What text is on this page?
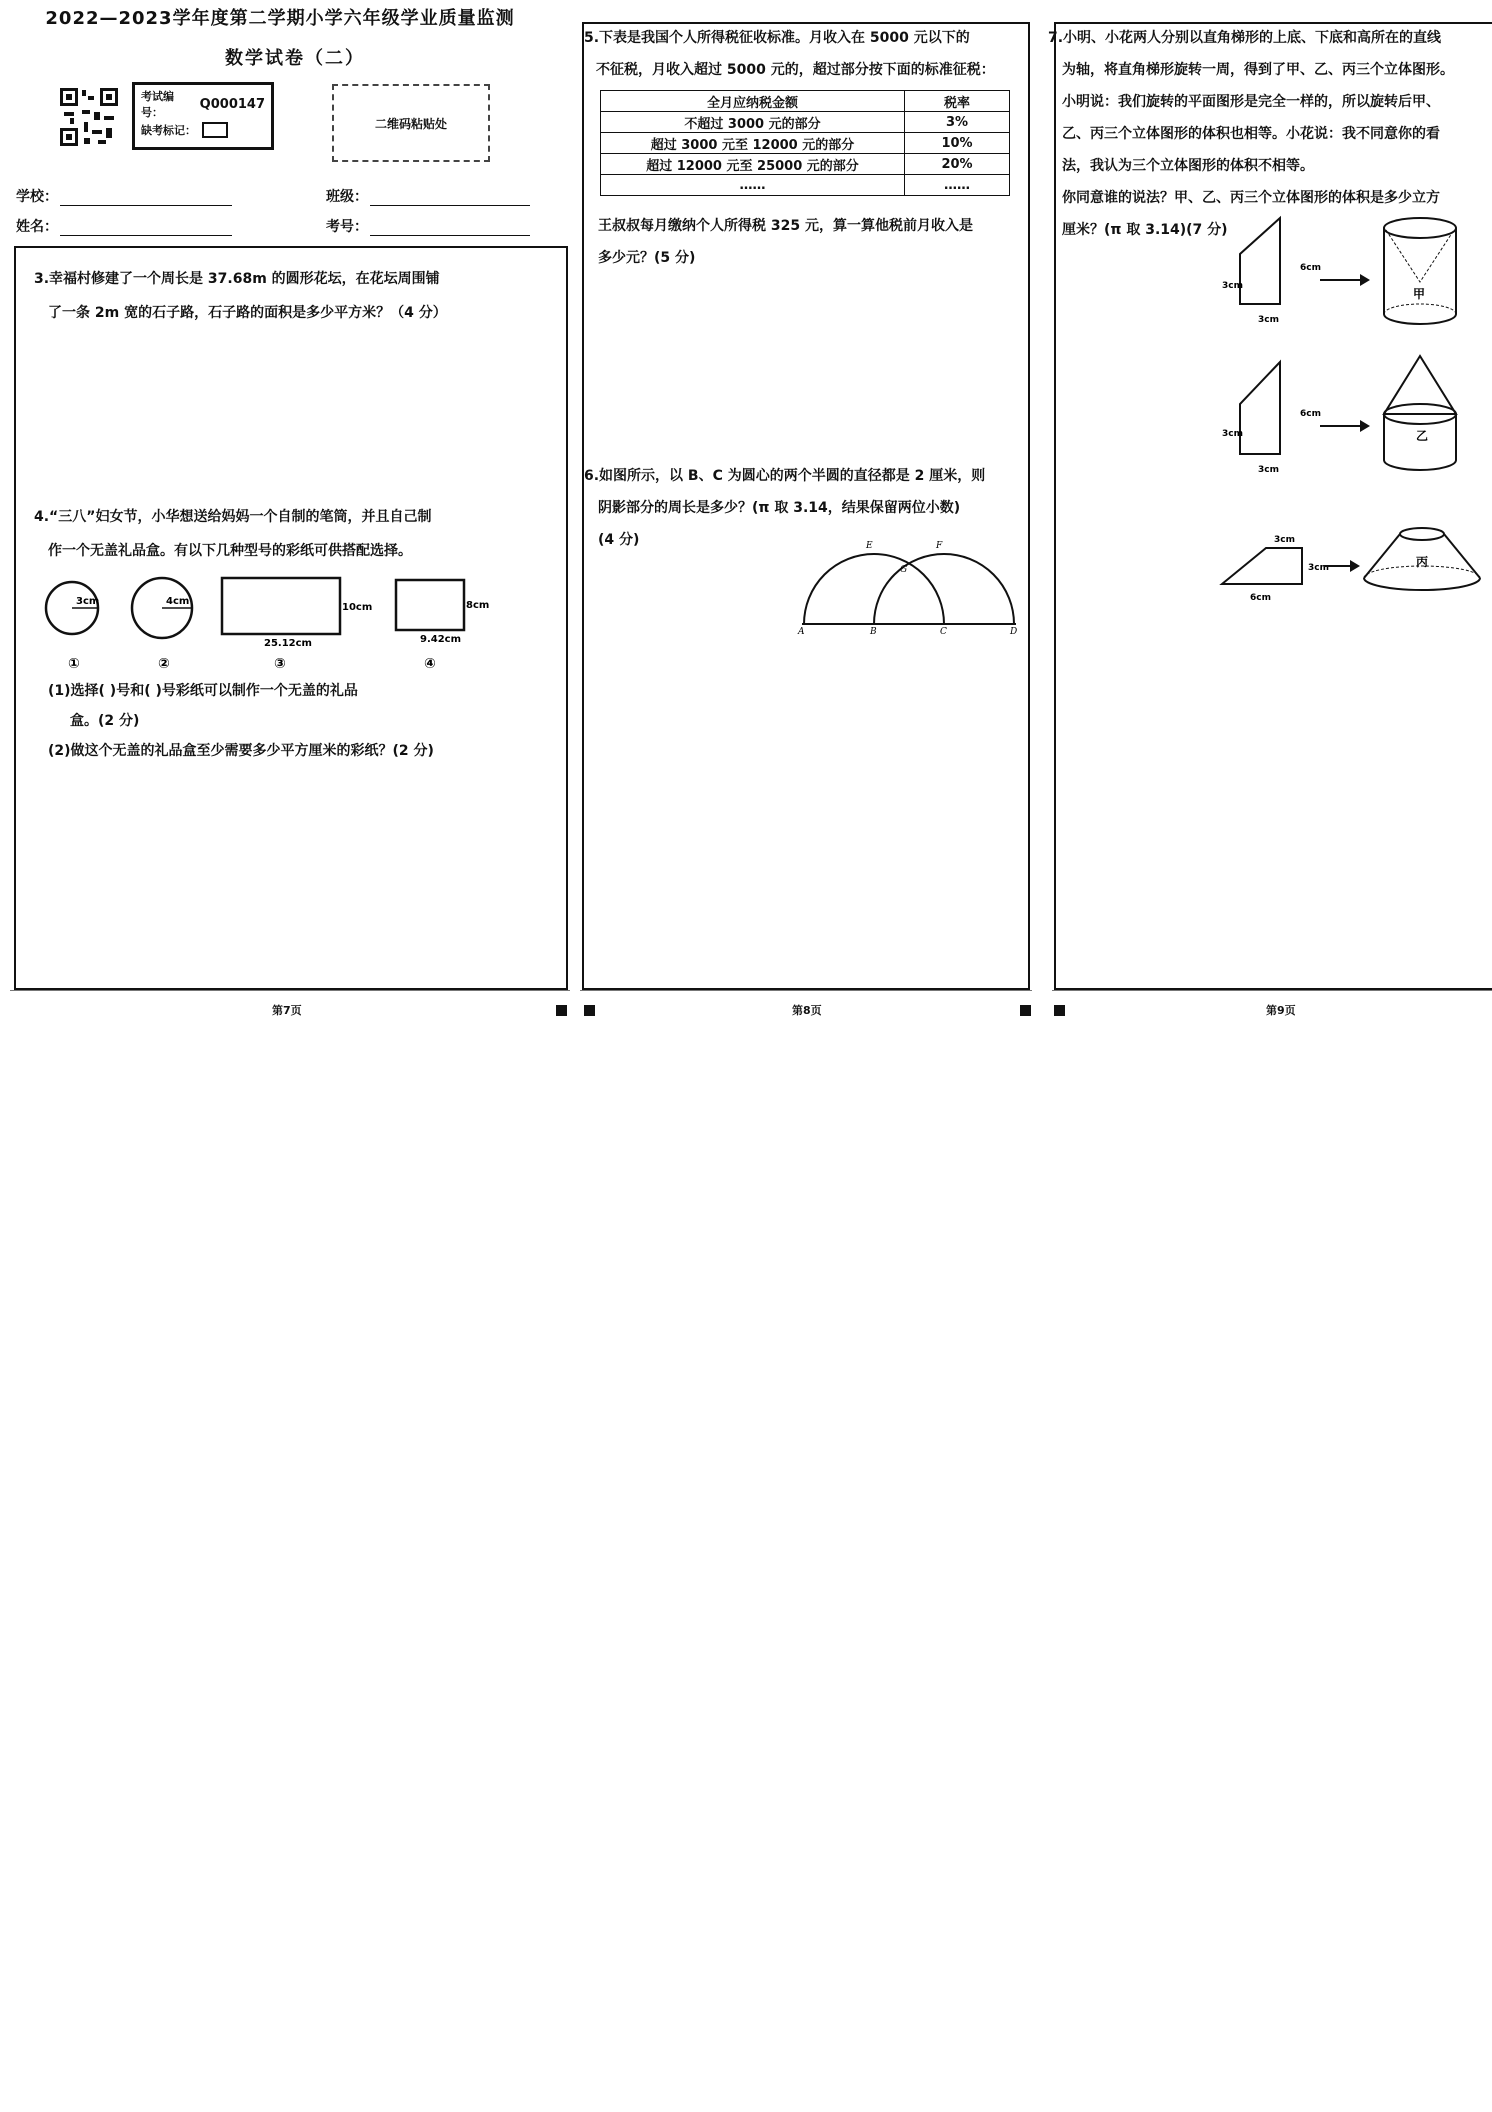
2022—2023学年度第二学期小学六年级学业质量监测
数学试卷（二）
考试编号：
Q000147
缺考标记：	二维码粘贴处
学校：	班级：
姓名：	考号：
3.幸福村修建了一个周长是 37.68m 的圆形花坛，在花坛周围铺
了一条 2m 宽的石子路，石子路的面积是多少平方米？（4 分）
4.“三八”妇女节，小华想送给妈妈一个自制的笔筒，并且自己制
作一个无盖礼品盒。有以下几种型号的彩纸可供搭配选择。
3cm	4cm
10cm
25.12cm
8cm
9.42cm
①	②	③	④
(1)选择( )号和( )号彩纸可以制作一个无盖的礼品
盒。(2 分)
(2)做这个无盖的礼品盒至少需要多少平方厘米的彩纸？(2 分)
5.下表是我国个人所得税征收标准。月收入在 5000 元以下的
不征税，月收入超过 5000 元的，超过部分按下面的标准征税：
全月应纳税金额	税率
不超过 3000 元的部分	3%
超过 3000 元至 12000 元的部分	10%
超过 12000 元至 25000 元的部分	20%
……	……
王叔叔每月缴纳个人所得税 325 元，算一算他税前月收入是
多少元？(5 分)
6.如图所示，以 B、C 为圆心的两个半圆的直径都是 2 厘米，则
阴影部分的周长是多少？(π 取 3.14，结果保留两位小数)
(4 分)
A	B	C	D
E	F
G
7.小明、小花两人分别以直角梯形的上底、下底和高所在的直线
为轴，将直角梯形旋转一周，得到了甲、乙、丙三个立体图形。
小明说：我们旋转的平面图形是完全一样的，所以旋转后甲、
乙、丙三个立体图形的体积也相等。小花说：我不同意你的看
法，我认为三个立体图形的体积不相等。
你同意谁的说法？甲、乙、丙三个立体图形的体积是多少立方
厘米？(π 取 3.14)(7 分)
3cm
6cm
3cm
甲
3cm
6cm
3cm
乙
3cm
3cm
6cm
丙
第7页	第8页	第9页
